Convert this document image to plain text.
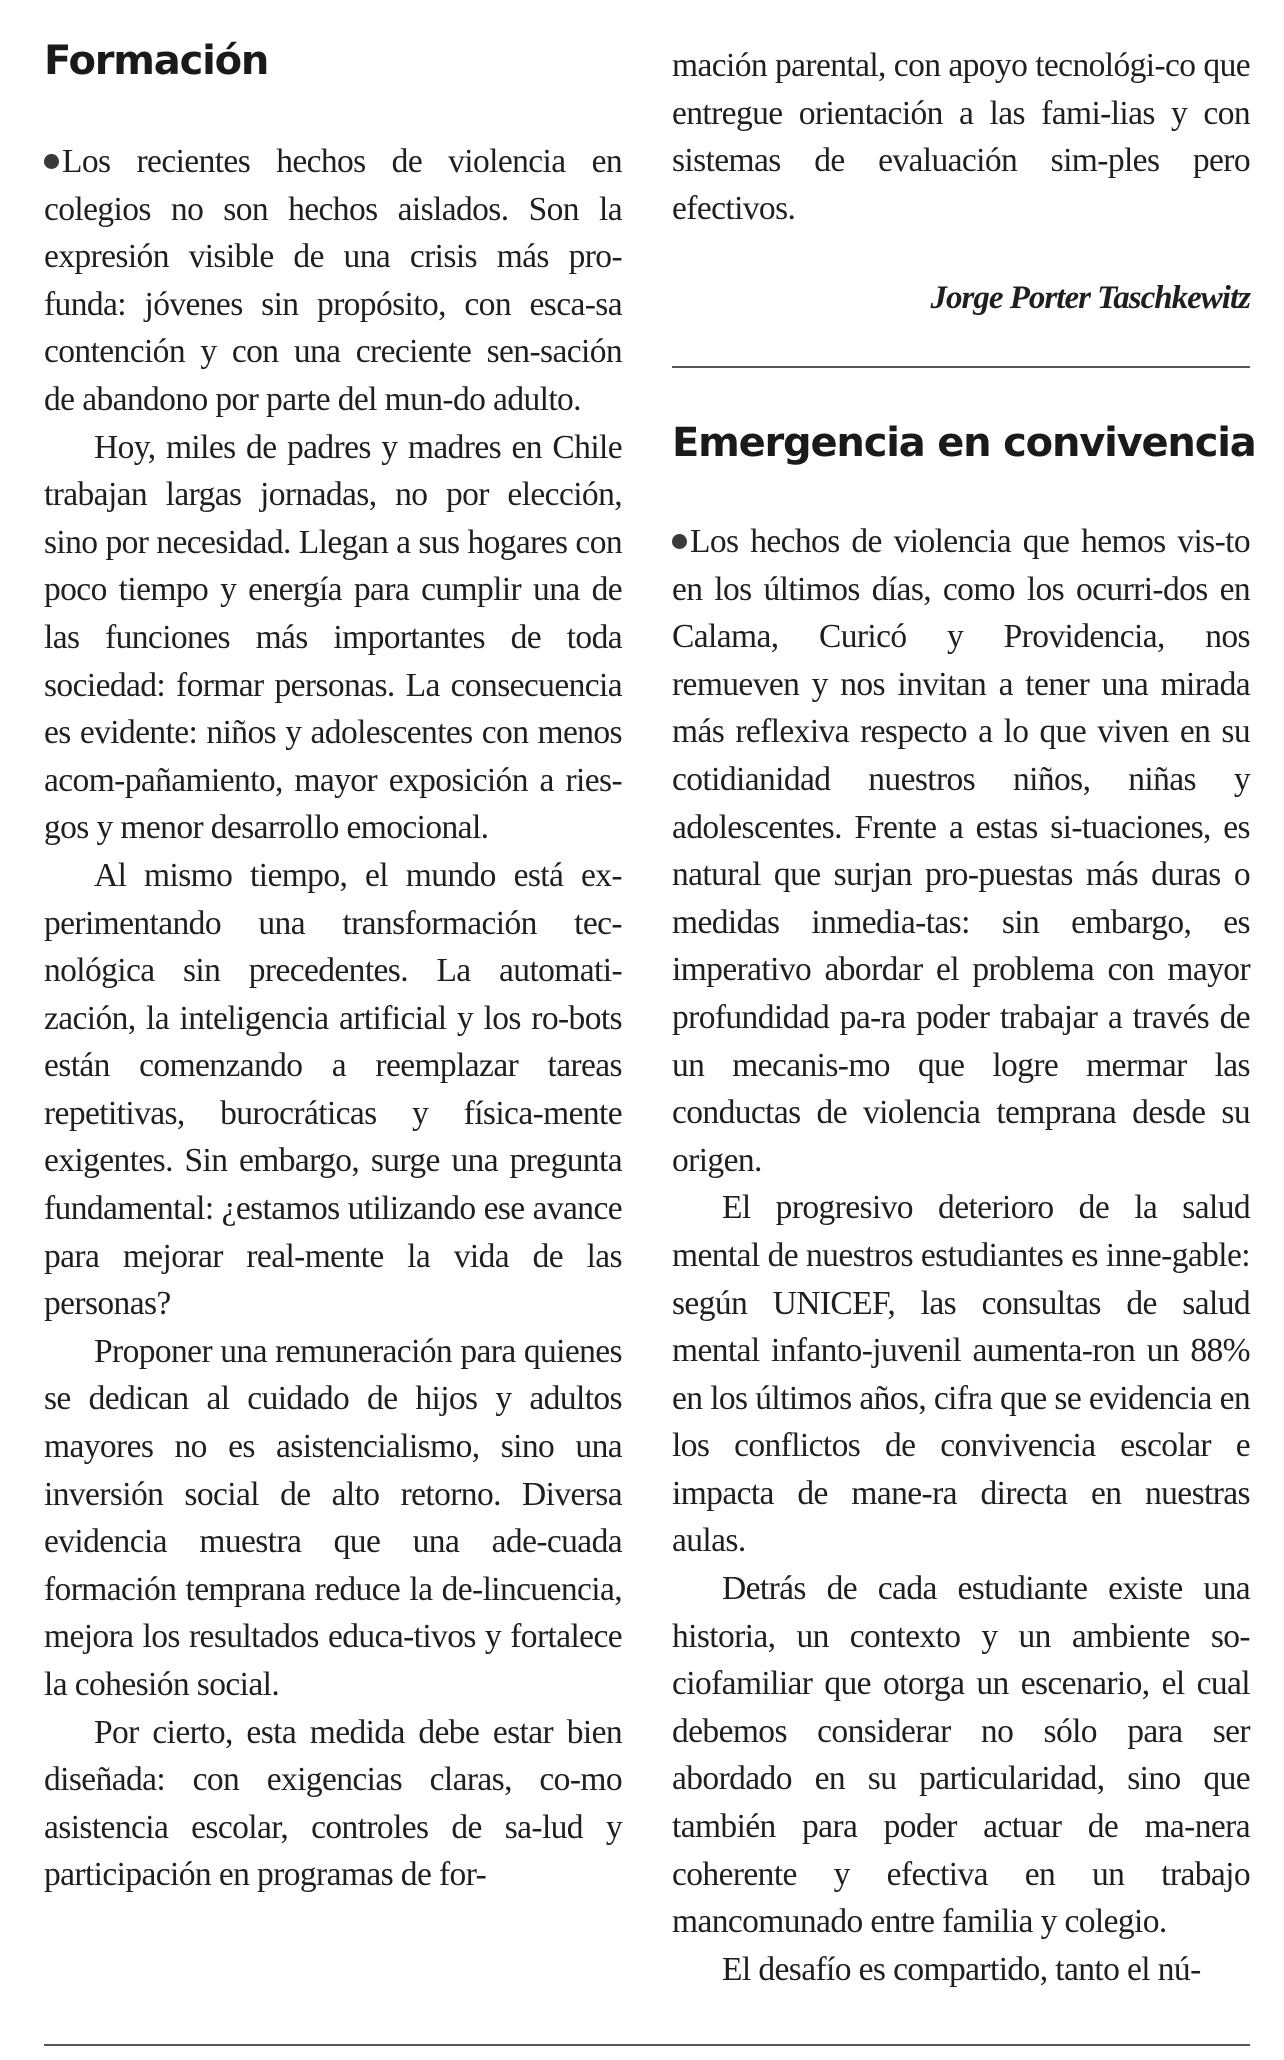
Formación

Los recientes hechos de violencia en colegios no son hechos aislados. Son la expresión visible de una crisis más pro-funda: jóvenes sin propósito, con esca-sa contención y con una creciente sen-sación de abandono por parte del mun-do adulto.

Hoy, miles de padres y madres en Chile trabajan largas jornadas, no por elección, sino por necesidad. Llegan a sus hogares con poco tiempo y energía para cumplir una de las funciones más importantes de toda sociedad: formar personas. La consecuencia es evidente: niños y adolescentes con menos acom-pañamiento, mayor exposición a ries-gos y menor desarrollo emocional.

Al mismo tiempo, el mundo está ex-perimentando una transformación tec-nológica sin precedentes. La automati-zación, la inteligencia artificial y los ro-bots están comenzando a reemplazar tareas repetitivas, burocráticas y física-mente exigentes. Sin embargo, surge una pregunta fundamental: ¿estamos utilizando ese avance para mejorar real-mente la vida de las personas?

Proponer una remuneración para quienes se dedican al cuidado de hijos y adultos mayores no es asistencialismo, sino una inversión social de alto retorno. Diversa evidencia muestra que una ade-cuada formación temprana reduce la de-lincuencia, mejora los resultados educa-tivos y fortalece la cohesión social.

Por cierto, esta medida debe estar bien diseñada: con exigencias claras, co-mo asistencia escolar, controles de sa-lud y participación en programas de for-

mación parental, con apoyo tecnológi-co que entregue orientación a las fami-lias y con sistemas de evaluación sim-ples pero efectivos.

Jorge Porter Taschkewitz
Emergencia en convivencia

Los hechos de violencia que hemos vis-to en los últimos días, como los ocurri-dos en Calama, Curicó y Providencia, nos remueven y nos invitan a tener una mirada más reflexiva respecto a lo que viven en su cotidianidad nuestros niños, niñas y adolescentes. Frente a estas si-tuaciones, es natural que surjan pro-puestas más duras o medidas inmedia-tas: sin embargo, es imperativo abordar el problema con mayor profundidad pa-ra poder trabajar a través de un mecanis-mo que logre mermar las conductas de violencia temprana desde su origen.

El progresivo deterioro de la salud mental de nuestros estudiantes es inne-gable: según UNICEF, las consultas de salud mental infanto-juvenil aumenta-ron un 88% en los últimos años, cifra que se evidencia en los conflictos de convivencia escolar e impacta de mane-ra directa en nuestras aulas.

Detrás de cada estudiante existe una historia, un contexto y un ambiente so-ciofamiliar que otorga un escenario, el cual debemos considerar no sólo para ser abordado en su particularidad, sino que también para poder actuar de ma-nera coherente y efectiva en un trabajo mancomunado entre familia y colegio.

El desafío es compartido, tanto el nú-
